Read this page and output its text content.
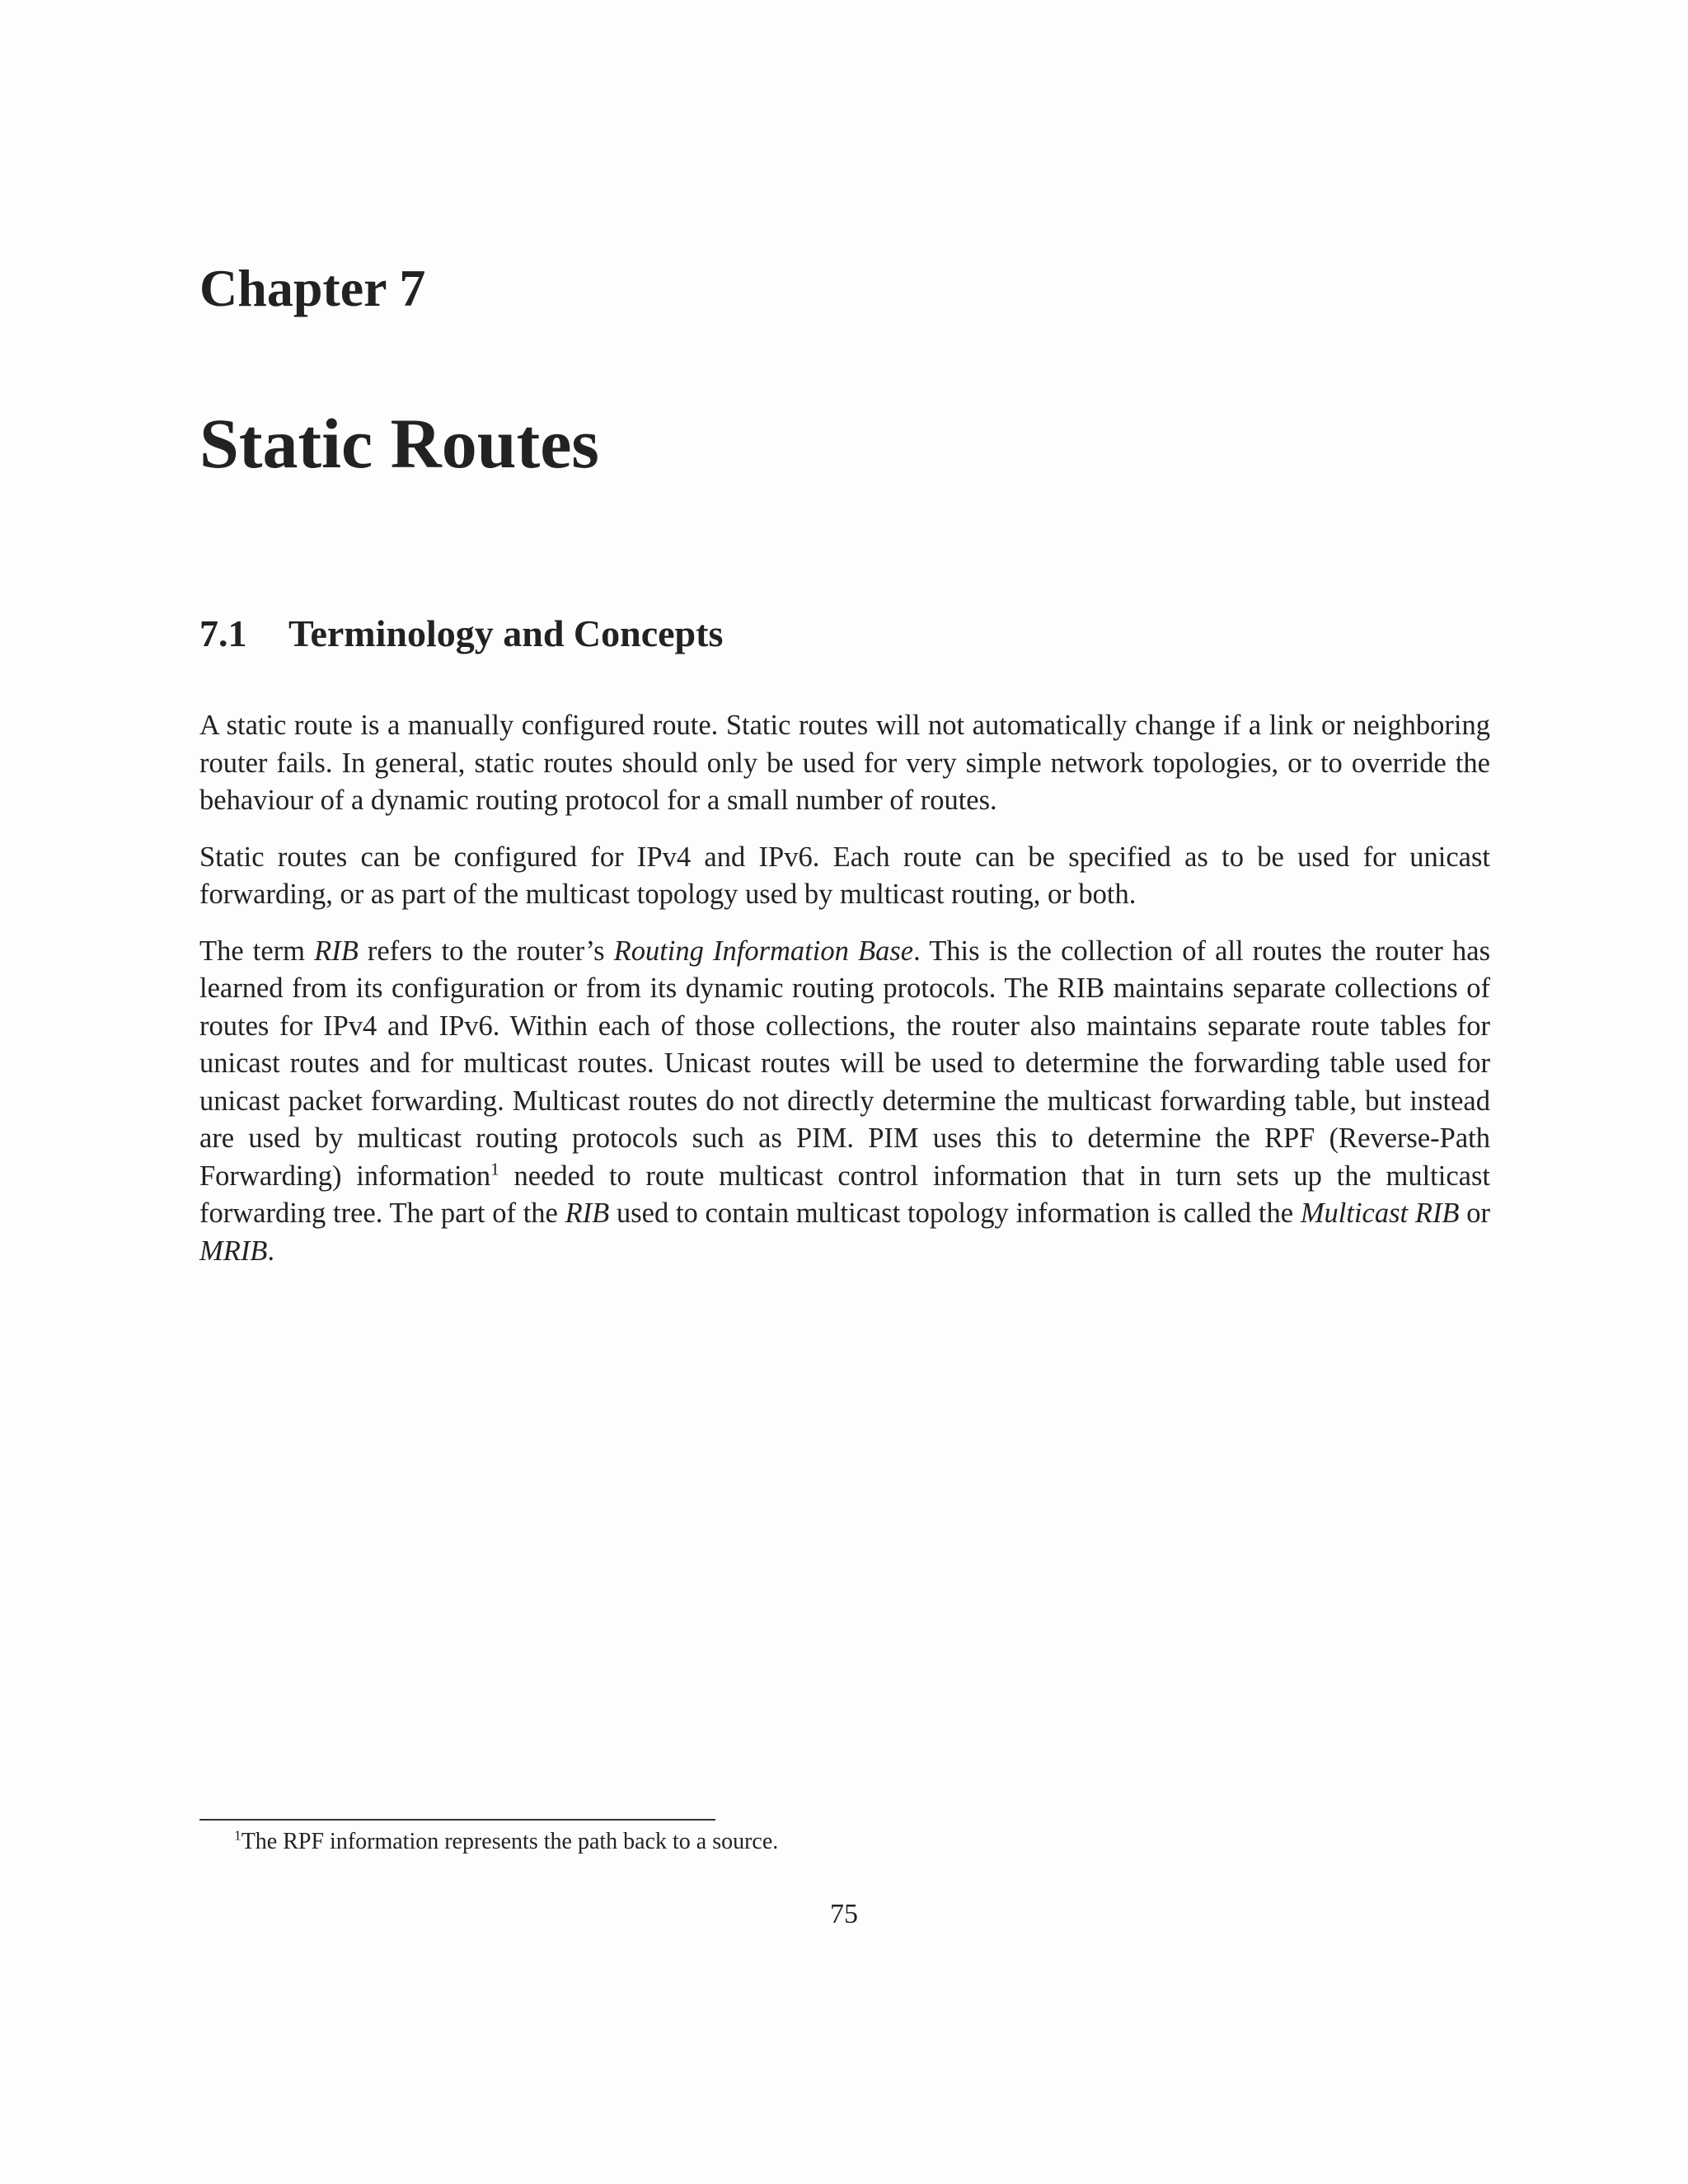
Chapter 7
Static Routes
7.1 Terminology and Concepts

A static route is a manually configured route. Static routes will not automatically change if a link or neighboring router fails. In general, static routes should only be used for very simple network topologies, or to override the behaviour of a dynamic routing protocol for a small number of routes.

Static routes can be configured for IPv4 and IPv6. Each route can be specified as to be used for unicast forwarding, or as part of the multicast topology used by multicast routing, or both.

The term RIB refers to the router’s Routing Information Base. This is the collection of all routes the router has learned from its configuration or from its dynamic routing protocols. The RIB maintains separate collections of routes for IPv4 and IPv6. Within each of those collections, the router also maintains separate route tables for unicast routes and for multicast routes. Unicast routes will be used to determine the forwarding table used for unicast packet forwarding. Multicast routes do not directly determine the multicast forwarding table, but instead are used by multicast routing protocols such as PIM. PIM uses this to determine the RPF (Reverse-Path Forwarding) information$^1$ needed to route multicast control information that in turn sets up the multicast forwarding tree. The part of the RIB used to contain multicast topology information is called the Multicast RIB or MRIB.

$^1$The RPF information represents the path back to a source.
75
